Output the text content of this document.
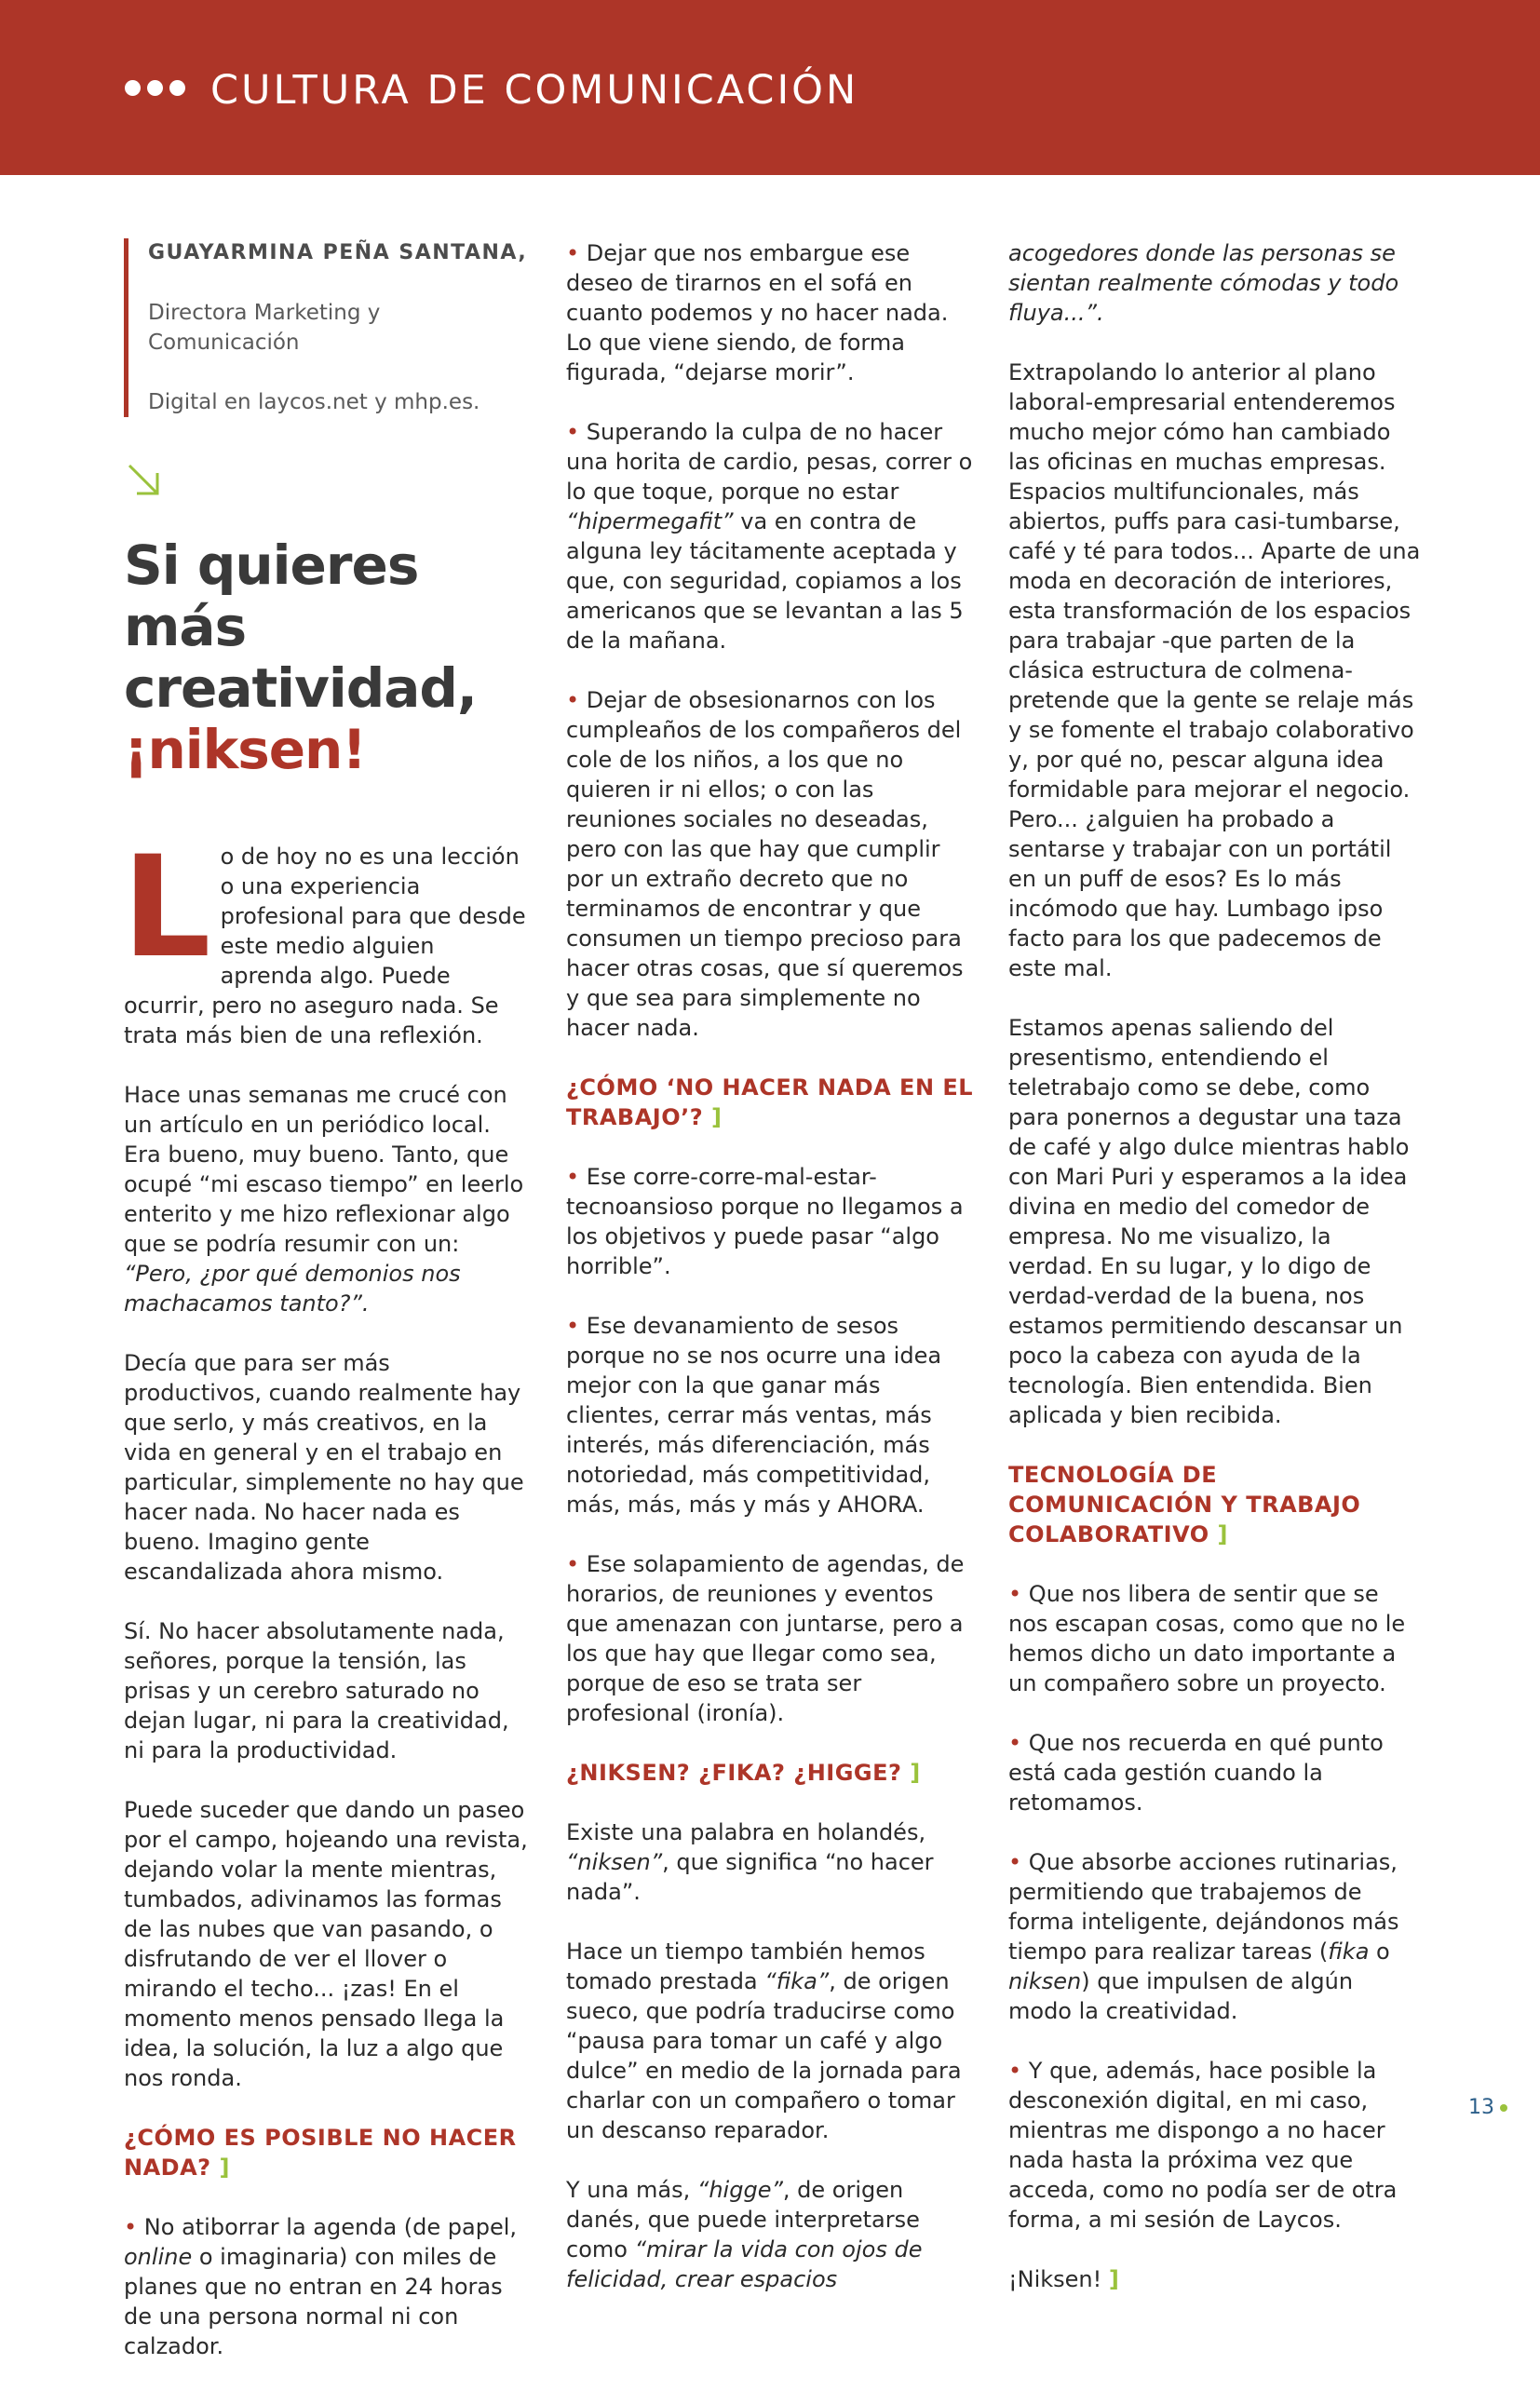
CULTURA DE COMUNICACIÓN

GUAYARMINA PEÑA SANTANA,

Directora Marketing y Comunicación

Digital en laycos.net y mhp.es.

Si quieres más
creatividad,
¡niksen!

Lo de hoy no es una lección o una experiencia profesional para que desde este medio alguien aprenda algo. Puede ocurrir, pero no aseguro nada. Se trata más bien de una reflexión.

Hace unas semanas me crucé con un artículo en un periódico local. Era bueno, muy bueno. Tanto, que ocupé “mi escaso tiempo” en leerlo enterito y me hizo reflexionar algo que se podría resumir con un: “Pero, ¿por qué demonios nos machacamos tanto?”.

Decía que para ser más productivos, cuando realmente hay que serlo, y más creativos, en la vida en general y en el trabajo en particular, simplemente no hay que hacer nada. No hacer nada es bueno. Imagino gente escandalizada ahora mismo.

Sí. No hacer absolutamente nada, señores, porque la tensión, las prisas y un cerebro saturado no dejan lugar, ni para la creatividad, ni para la productividad.

Puede suceder que dando un paseo por el campo, hojeando una revista, dejando volar la mente mientras, tumbados, adivinamos las formas de las nubes que van pasando, o disfrutando de ver el llover o mirando el techo... ¡zas! En el momento menos pensado llega la idea, la solución, la luz a algo que nos ronda.

¿CÓMO ES POSIBLE NO HACER NADA? ]

• No atiborrar la agenda (de papel, online o imaginaria) con miles de planes que no entran en 24 horas de una persona normal ni con calzador.

• Dejar que nos embargue ese deseo de tirarnos en el sofá en cuanto podemos y no hacer nada. Lo que viene siendo, de forma figurada, “dejarse morir”.

• Superando la culpa de no hacer una horita de cardio, pesas, correr o lo que toque, porque no estar “hipermegafit” va en contra de alguna ley tácitamente aceptada y que, con seguridad, copiamos a los americanos que se levantan a las 5 de la mañana.

• Dejar de obsesionarnos con los cumpleaños de los compañeros del cole de los niños, a los que no quieren ir ni ellos; o con las reuniones sociales no deseadas, pero con las que hay que cumplir por un extraño decreto que no terminamos de encontrar y que consumen un tiempo precioso para hacer otras cosas, que sí queremos y que sea para simplemente no hacer nada.

¿CÓMO ‘NO HACER NADA EN EL TRABAJO’? ]

• Ese corre-corre-mal-estar-tecnoansioso porque no llegamos a los objetivos y puede pasar “algo horrible”.

• Ese devanamiento de sesos porque no se nos ocurre una idea mejor con la que ganar más clientes, cerrar más ventas, más interés, más diferenciación, más notoriedad, más competitividad, más, más, más y más y AHORA.

• Ese solapamiento de agendas, de horarios, de reuniones y eventos que amenazan con juntarse, pero a los que hay que llegar como sea, porque de eso se trata ser profesional (ironía).

¿NIKSEN? ¿FIKA? ¿HIGGE? ]

Existe una palabra en holandés, “niksen”, que significa “no hacer nada”.

Hace un tiempo también hemos tomado prestada “fika”, de origen sueco, que podría traducirse como “pausa para tomar un café y algo dulce” en medio de la jornada para charlar con un compañero o tomar un descanso reparador.

Y una más, “higge”, de origen danés, que puede interpretarse como “mirar la vida con ojos de felicidad, crear espacios

acogedores donde las personas se sientan realmente cómodas y todo fluya...”.

Extrapolando lo anterior al plano laboral-empresarial entenderemos mucho mejor cómo han cambiado las oficinas en muchas empresas. Espacios multifuncionales, más abiertos, puffs para casi-tumbarse, café y té para todos... Aparte de una moda en decoración de interiores, esta transformación de los espacios para trabajar -que parten de la clásica estructura de colmena- pretende que la gente se relaje más y se fomente el trabajo colaborativo y, por qué no, pescar alguna idea formidable para mejorar el negocio. Pero... ¿alguien ha probado a sentarse y trabajar con un portátil en un puff de esos? Es lo más incómodo que hay. Lumbago ipso facto para los que padecemos de este mal.

Estamos apenas saliendo del presentismo, entendiendo el teletrabajo como se debe, como para ponernos a degustar una taza de café y algo dulce mientras hablo con Mari Puri y esperamos a la idea divina en medio del comedor de empresa. No me visualizo, la verdad. En su lugar, y lo digo de verdad-verdad de la buena, nos estamos permitiendo descansar un poco la cabeza con ayuda de la tecnología. Bien entendida. Bien aplicada y bien recibida.

TECNOLOGÍA DE COMUNICACIÓN Y TRABAJO COLABORATIVO ]

• Que nos libera de sentir que se nos escapan cosas, como que no le hemos dicho un dato importante a un compañero sobre un proyecto.

• Que nos recuerda en qué punto está cada gestión cuando la retomamos.

• Que absorbe acciones rutinarias, permitiendo que trabajemos de forma inteligente, dejándonos más tiempo para realizar tareas (fika o niksen) que impulsen de algún modo la creatividad.

• Y que, además, hace posible la desconexión digital, en mi caso, mientras me dispongo a no hacer nada hasta la próxima vez que acceda, como no podía ser de otra forma, a mi sesión de Laycos.

¡Niksen! ]

13
